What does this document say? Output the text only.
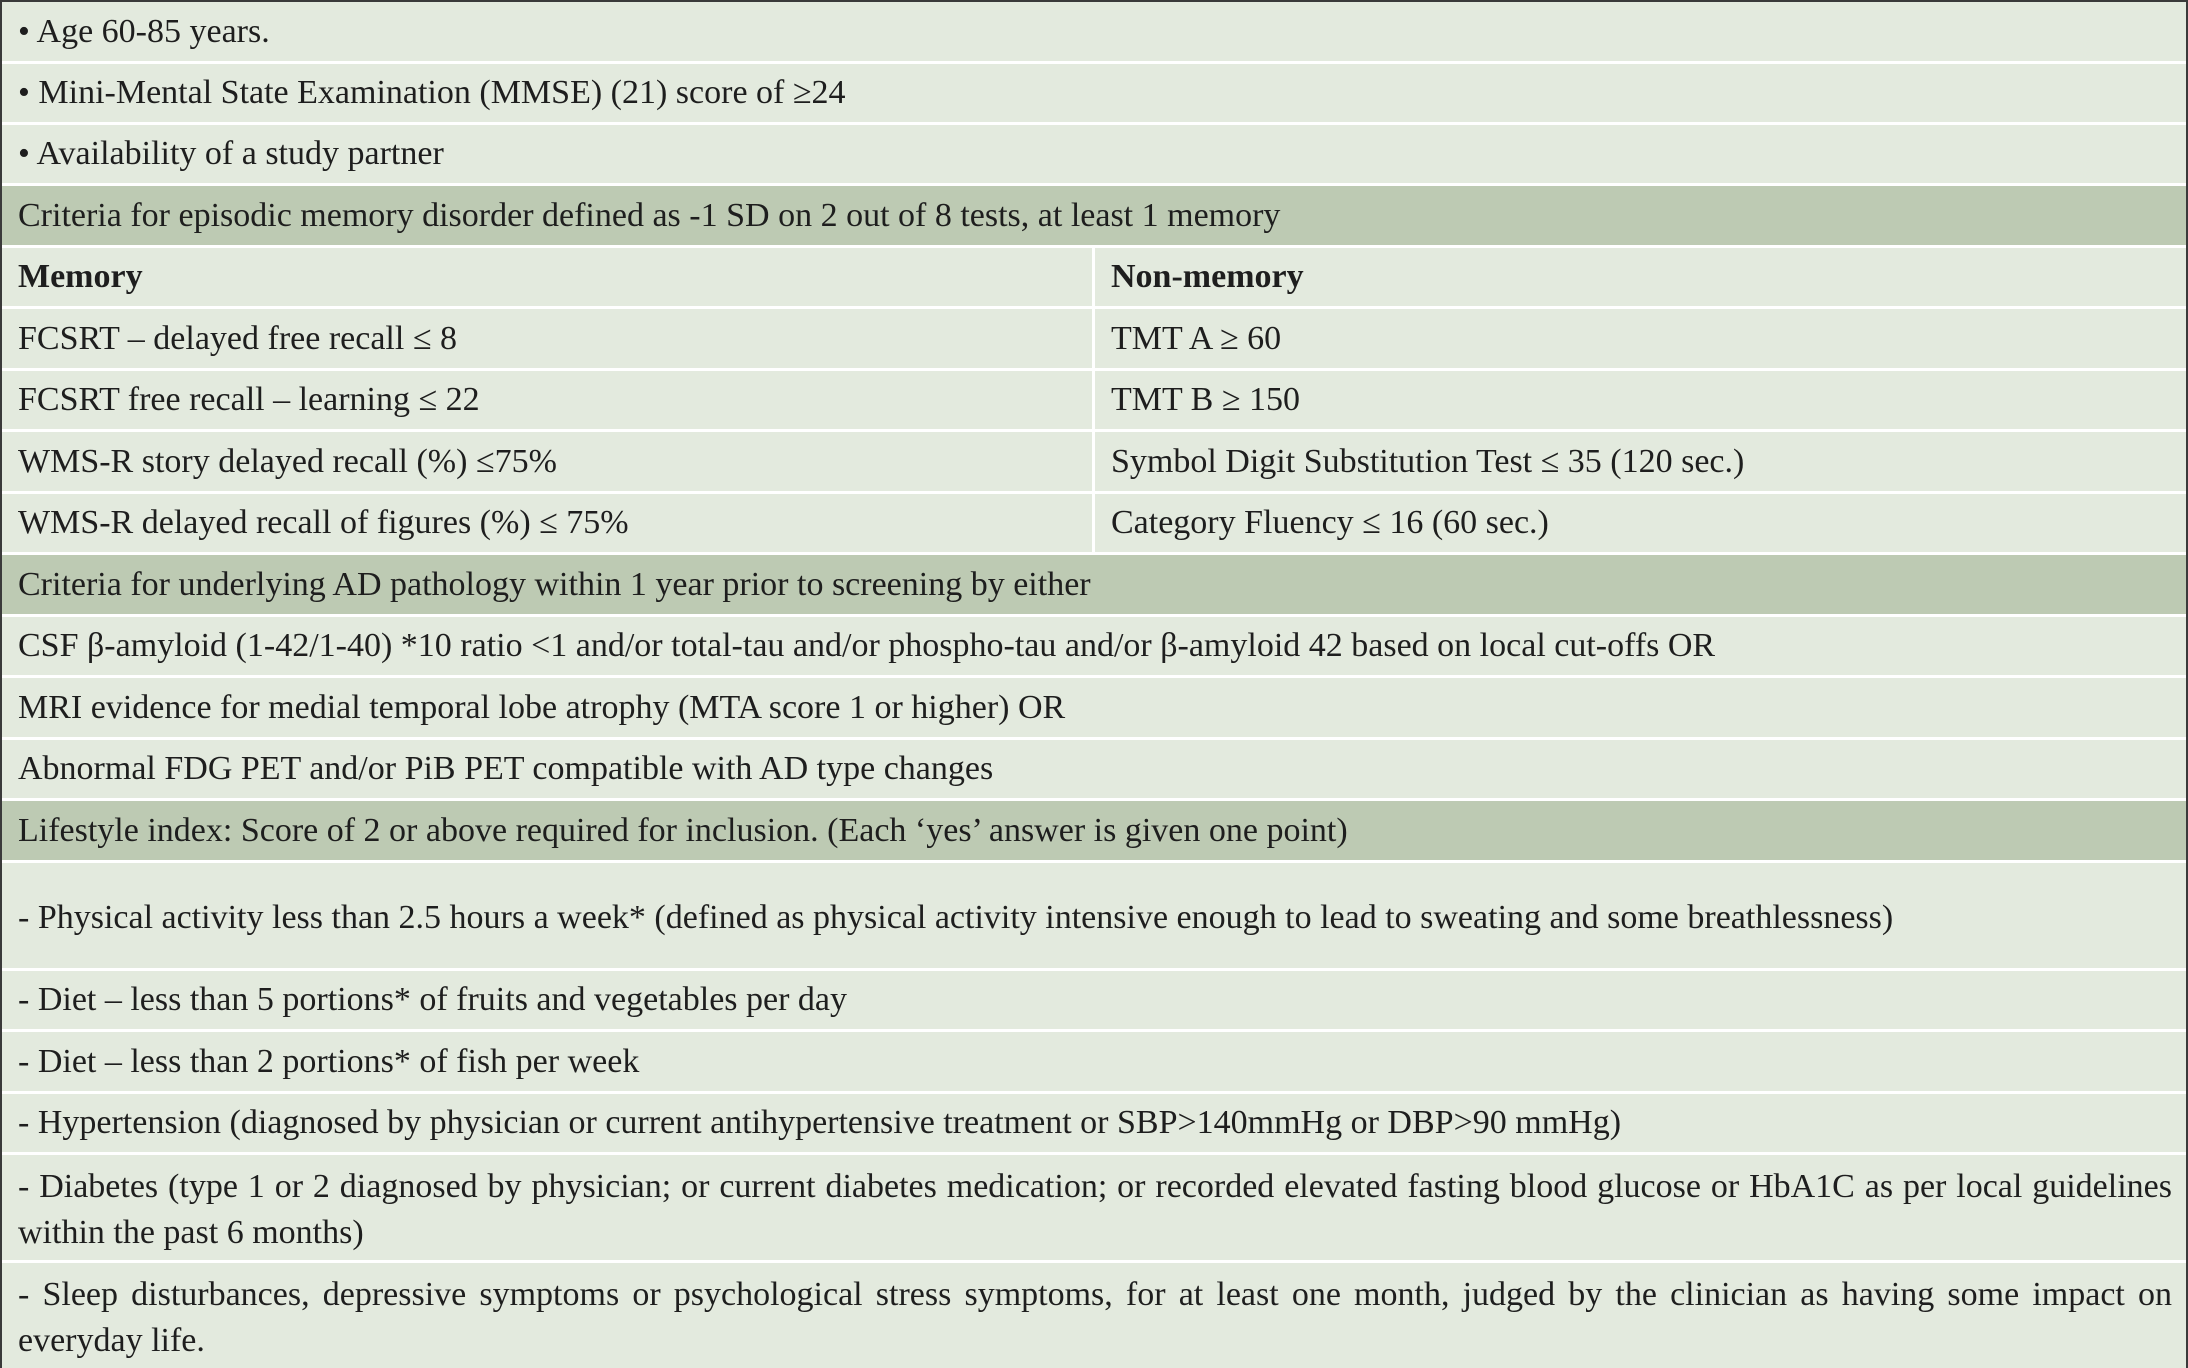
• Age 60-85 years.
• Mini-Mental State Examination (MMSE) (21) score of ≥24
• Availability of a study partner
Criteria for episodic memory disorder defined as -1 SD on 2 out of 8 tests, at least 1 memory
Memory	Non-memory
FCSRT – delayed free recall ≤ 8	TMT A ≥ 60
FCSRT free recall – learning ≤ 22	TMT B ≥ 150
WMS-R story delayed recall (%) ≤75%	Symbol Digit Substitution Test ≤ 35 (120 sec.)
WMS-R delayed recall of figures (%) ≤ 75%	Category Fluency ≤ 16 (60 sec.)
Criteria for underlying AD pathology within 1 year prior to screening by either
CSF β-amyloid (1-42/1-40) *10 ratio <1 and/or total-tau and/or phospho-tau and/or β-amyloid 42 based on local cut-offs OR
MRI evidence for medial temporal lobe atrophy (MTA score 1 or higher) OR
Abnormal FDG PET and/or PiB PET compatible with AD type changes
Lifestyle index: Score of 2 or above required for inclusion. (Each ‘yes’ answer is given one point)
- Physical activity less than 2.5 hours a week* (defined as physical activity intensive enough to lead to sweating and some breathlessness)
- Diet – less than 5 portions* of fruits and vegetables per day
- Diet – less than 2 portions* of fish per week
- Hypertension (diagnosed by physician or current antihypertensive treatment or SBP>140mmHg or DBP>90 mmHg)
- Diabetes (type 1 or 2 diagnosed by physician; or current diabetes medication; or recorded elevated fasting blood glucose or HbA1C as per local guidelines within the past 6 months)
- Sleep disturbances, depressive symptoms or psychological stress symptoms, for at least one month, judged by the clinician as having some impact on everyday life.
